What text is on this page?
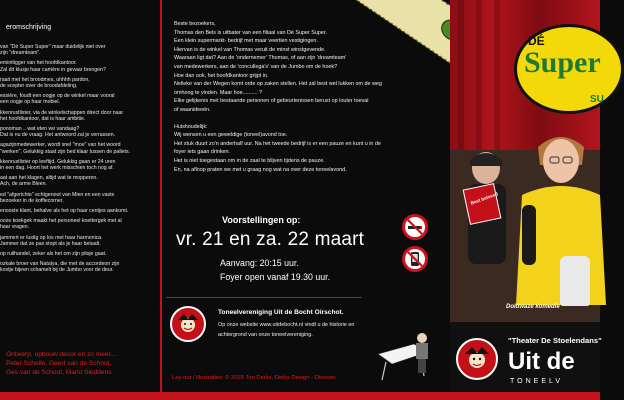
eromschrijving
van "Dé Super Super" maar duidelijk niet over
zijn "dreamteam".
eminitigger van het hoofdkantoor.
Zal dit klusje haar carrière in gevaar brengen?
raait met het broodmes, uhhhh pardon,
de scepter over de broodafdeling.
essière, foudt een oogje op de winkel maar vooral
een oogje op haar mobiel.
kkenrustlister, via de winkelschappen direct door naar
het hoofdkantoor, dat is haar ambitie.
ponoman .. wat eten we vandaag?
Dat is nu de vraag. Het antwoord zal je verrassen.
agazijnmedewerker, wordt snel "moe" van het woord
"werken". Gelukkig staat zijn bed klaar tussen de pallets.
kkenrustlister op leeftijd. Gelukkig gaan er 24 uren
in een dag. Hoort het werk misschien toch nog af.
aat aan het klagen, altijd wat te mopperen.
Ach, de arme Bleen.
ed "afgerichte" echtgenoot van Mien en een vaste
bezoeker in de koffiecorner.
enooste klant, behalve als het op haar centjes aankomt.
ooze koekgek maakt het personeel knettergek met al
haar vragen.
jammert er lustig op los met haar harmonica.
Jammer dat ze pas stopt als je haar betaalt.
op ruilhandel, zeker als het om zijn pitsje gaat.
ozkale broer van Natalya, die met de accordeon zijn
kostje bijeen schamelt bij de Jumbo voor de deur.
Ontwerp, opbouw decor en zo meer...
Peter Schelle, Geert van de Schoot,
Ges van de Schoot, Mario Sleddens
Beste bezoekers,
Thomas den Bels is uitbater van een filiaal van Dé Super Super.
Een klein supermarkt- bedrijf met maar veertien vestigingen.
Hiervan is de winkel van Thomas veruit de minst winstgevende.
Waaraan ligt dat? Aan de 'ondernemer' Thomas, of aan zijn 'dreamteam'
van medewerkers, aan de 'concullega's' van de Jumbo om de hoek?
Hoe dan ook, het hoofdkantoor grijpt in.
Nelleke van der Wegen komt orde op zaken stellen. Het zal best wel lukken om de weg
omhoog te vinden. Maar hoe.......... ?
Elke gelijkenis met bestaande personen of gebeurtenissen berust op louter toeval
of waanideeën.
Huishoudelijk:
Wij wensen u een geweldige (toneel)avond toe.
Het stuk duurt zo'n anderhalf uur. Na het tweede bedrijf is er een pauze en kunt u in de
foyer iets gaan drinken.
Het is niet toegestaan om in de zaal te blijven tijdens de pauze.
En, na afloop praten we met u graag nog wat na over deze toneelavond.
Voorstellingen op:
vr. 21 en za. 22 maart
Aanvang: 20:15 uur.
Foyer open vanaf 19.30 uur.
Toneelvereniging Uit de Bocht Oirschot.
Op onze website www.uitdebocht.nl vindt u de historie en
achtergrond van onze toneelvereniging.
Lay-out / illustraties: © 2025 Ton Derks, Derks Design - Diessen
DÉ
Super
SU
Best beloved
Doldwaze komedie
"Theater De Stoelendans"
Uit de
TONEELV
